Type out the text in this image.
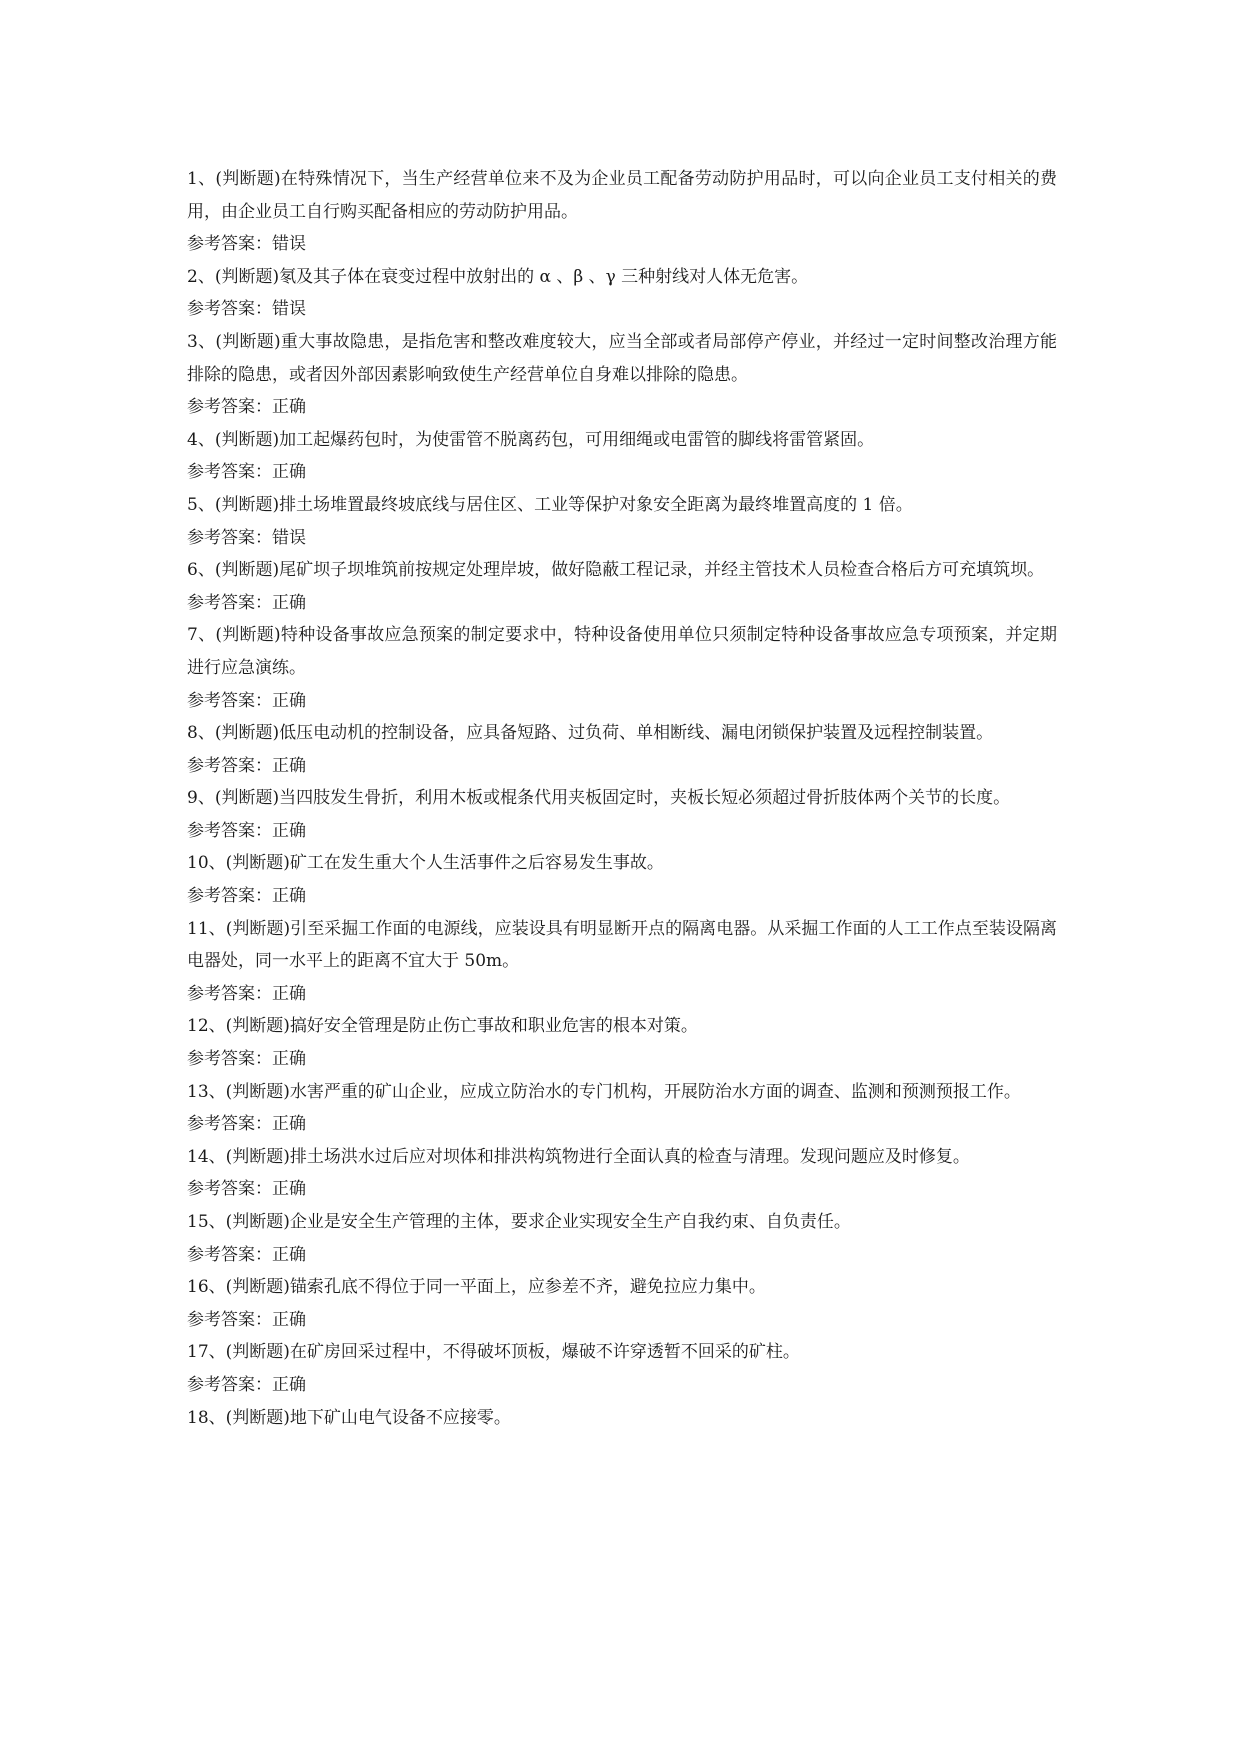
1、(判断题)在特殊情况下，当生产经营单位来不及为企业员工配备劳动防护用品时，可以向企业员工支付相关的费用，由企业员工自行购买配备相应的劳动防护用品。

参考答案：错误

2、(判断题)氡及其子体在衰变过程中放射出的 α 、β 、γ 三种射线对人体无危害。

参考答案：错误

3、(判断题)重大事故隐患，是指危害和整改难度较大，应当全部或者局部停产停业，并经过一定时间整改治理方能排除的隐患，或者因外部因素影响致使生产经营单位自身难以排除的隐患。

参考答案：正确

4、(判断题)加工起爆药包时，为使雷管不脱离药包，可用细绳或电雷管的脚线将雷管紧固。

参考答案：正确

5、(判断题)排土场堆置最终坡底线与居住区、工业等保护对象安全距离为最终堆置高度的 1 倍。

参考答案：错误

6、(判断题)尾矿坝子坝堆筑前按规定处理岸坡，做好隐蔽工程记录，并经主管技术人员检查合格后方可充填筑坝。

参考答案：正确

7、(判断题)特种设备事故应急预案的制定要求中，特种设备使用单位只须制定特种设备事故应急专项预案，并定期进行应急演练。

参考答案：正确

8、(判断题)低压电动机的控制设备，应具备短路、过负荷、单相断线、漏电闭锁保护装置及远程控制装置。

参考答案：正确

9、(判断题)当四肢发生骨折，利用木板或棍条代用夹板固定时，夹板长短必须超过骨折肢体两个关节的长度。

参考答案：正确

10、(判断题)矿工在发生重大个人生活事件之后容易发生事故。

参考答案：正确

11、(判断题)引至采掘工作面的电源线，应装设具有明显断开点的隔离电器。从采掘工作面的人工工作点至装设隔离电器处，同一水平上的距离不宜大于 50m。

参考答案：正确

12、(判断题)搞好安全管理是防止伤亡事故和职业危害的根本对策。

参考答案：正确

13、(判断题)水害严重的矿山企业，应成立防治水的专门机构，开展防治水方面的调查、监测和预测预报工作。

参考答案：正确

14、(判断题)排土场洪水过后应对坝体和排洪构筑物进行全面认真的检查与清理。发现问题应及时修复。

参考答案：正确

15、(判断题)企业是安全生产管理的主体，要求企业实现安全生产自我约束、自负责任。

参考答案：正确

16、(判断题)锚索孔底不得位于同一平面上，应参差不齐，避免拉应力集中。

参考答案：正确

17、(判断题)在矿房回采过程中，不得破坏顶板，爆破不许穿透暂不回采的矿柱。

参考答案：正确

18、(判断题)地下矿山电气设备不应接零。
